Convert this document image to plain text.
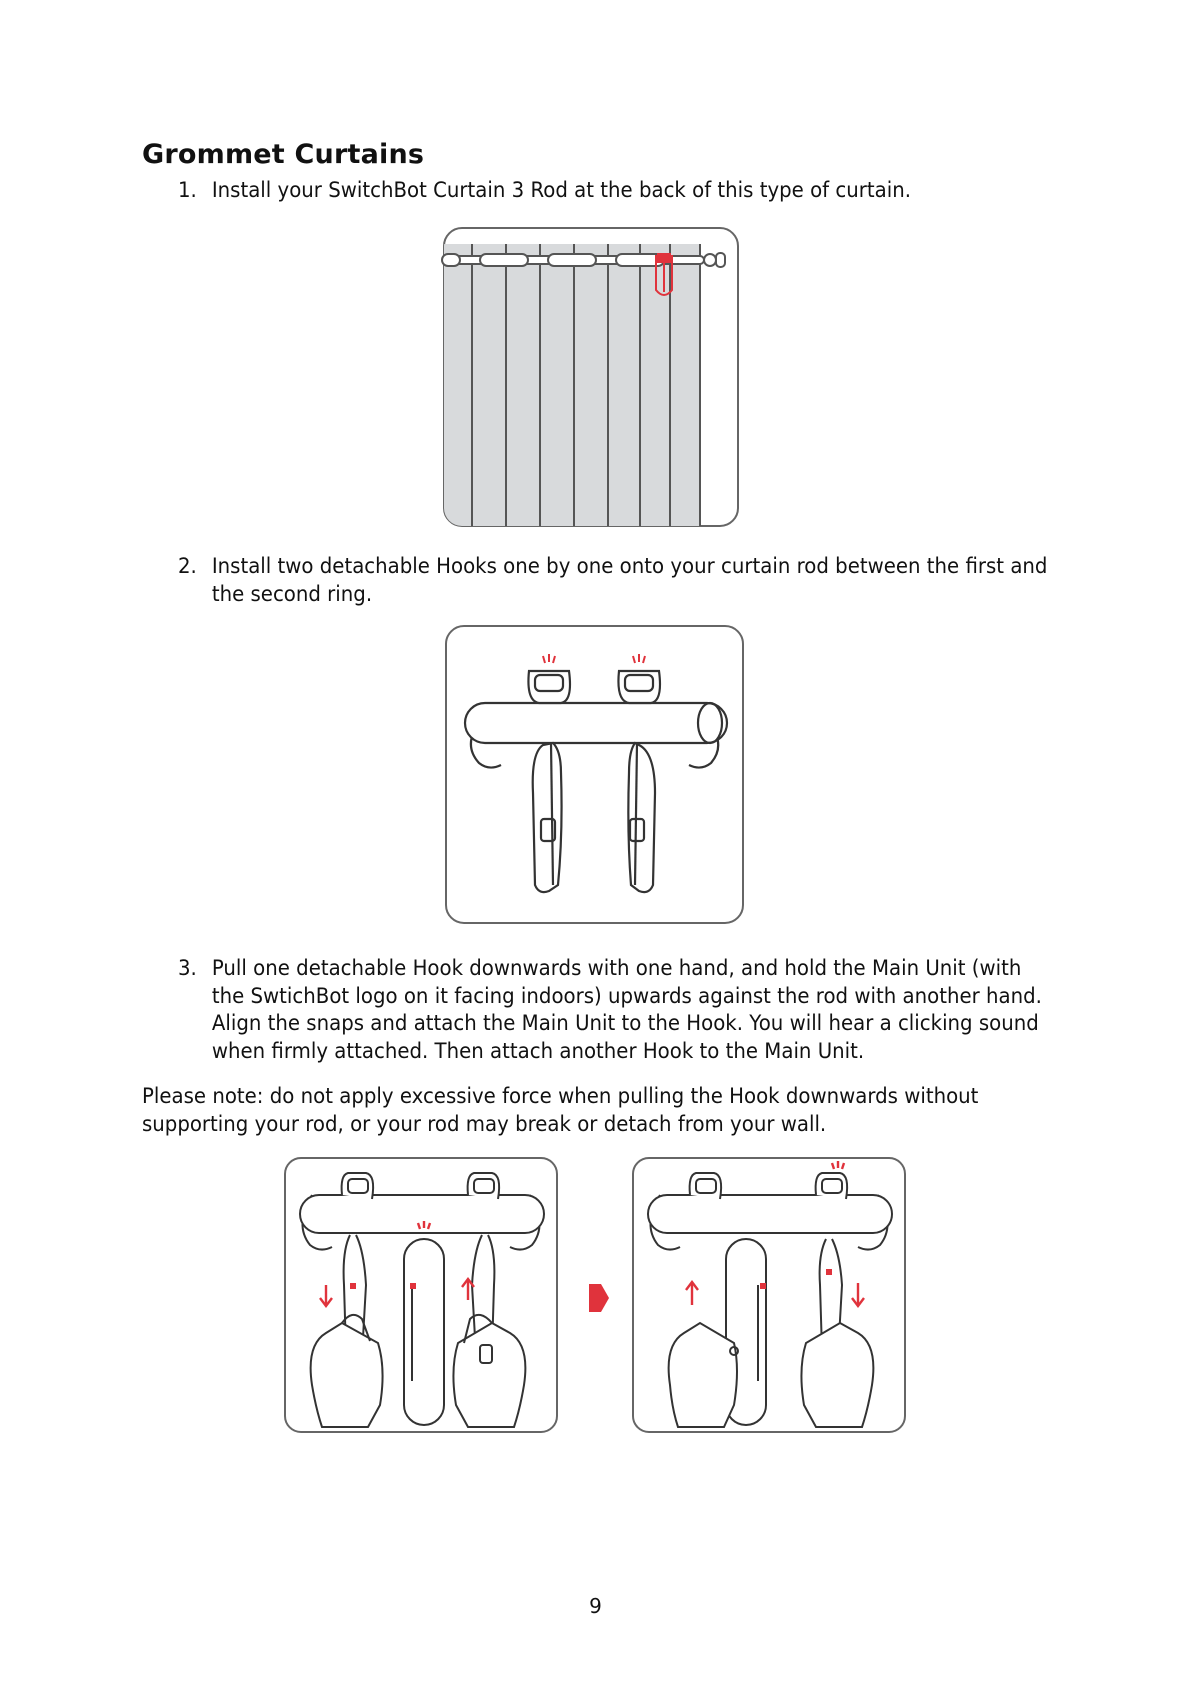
Grommet Curtains
1. Install your SwitchBot Curtain 3 Rod at the back of this type of curtain.
2. Install two detachable Hooks one by one onto your curtain rod between the first and the second ring.
3. Pull one detachable Hook downwards with one hand, and hold the Main Unit (with the SwtichBot logo on it facing indoors) upwards against the rod with another hand. Align the snaps and attach the Main Unit to the Hook. You will hear a clicking sound when firmly attached. Then attach another Hook to the Main Unit.
Please note: do not apply excessive force when pulling the Hook downwards without supporting your rod, or your rod may break or detach from your wall.
9
